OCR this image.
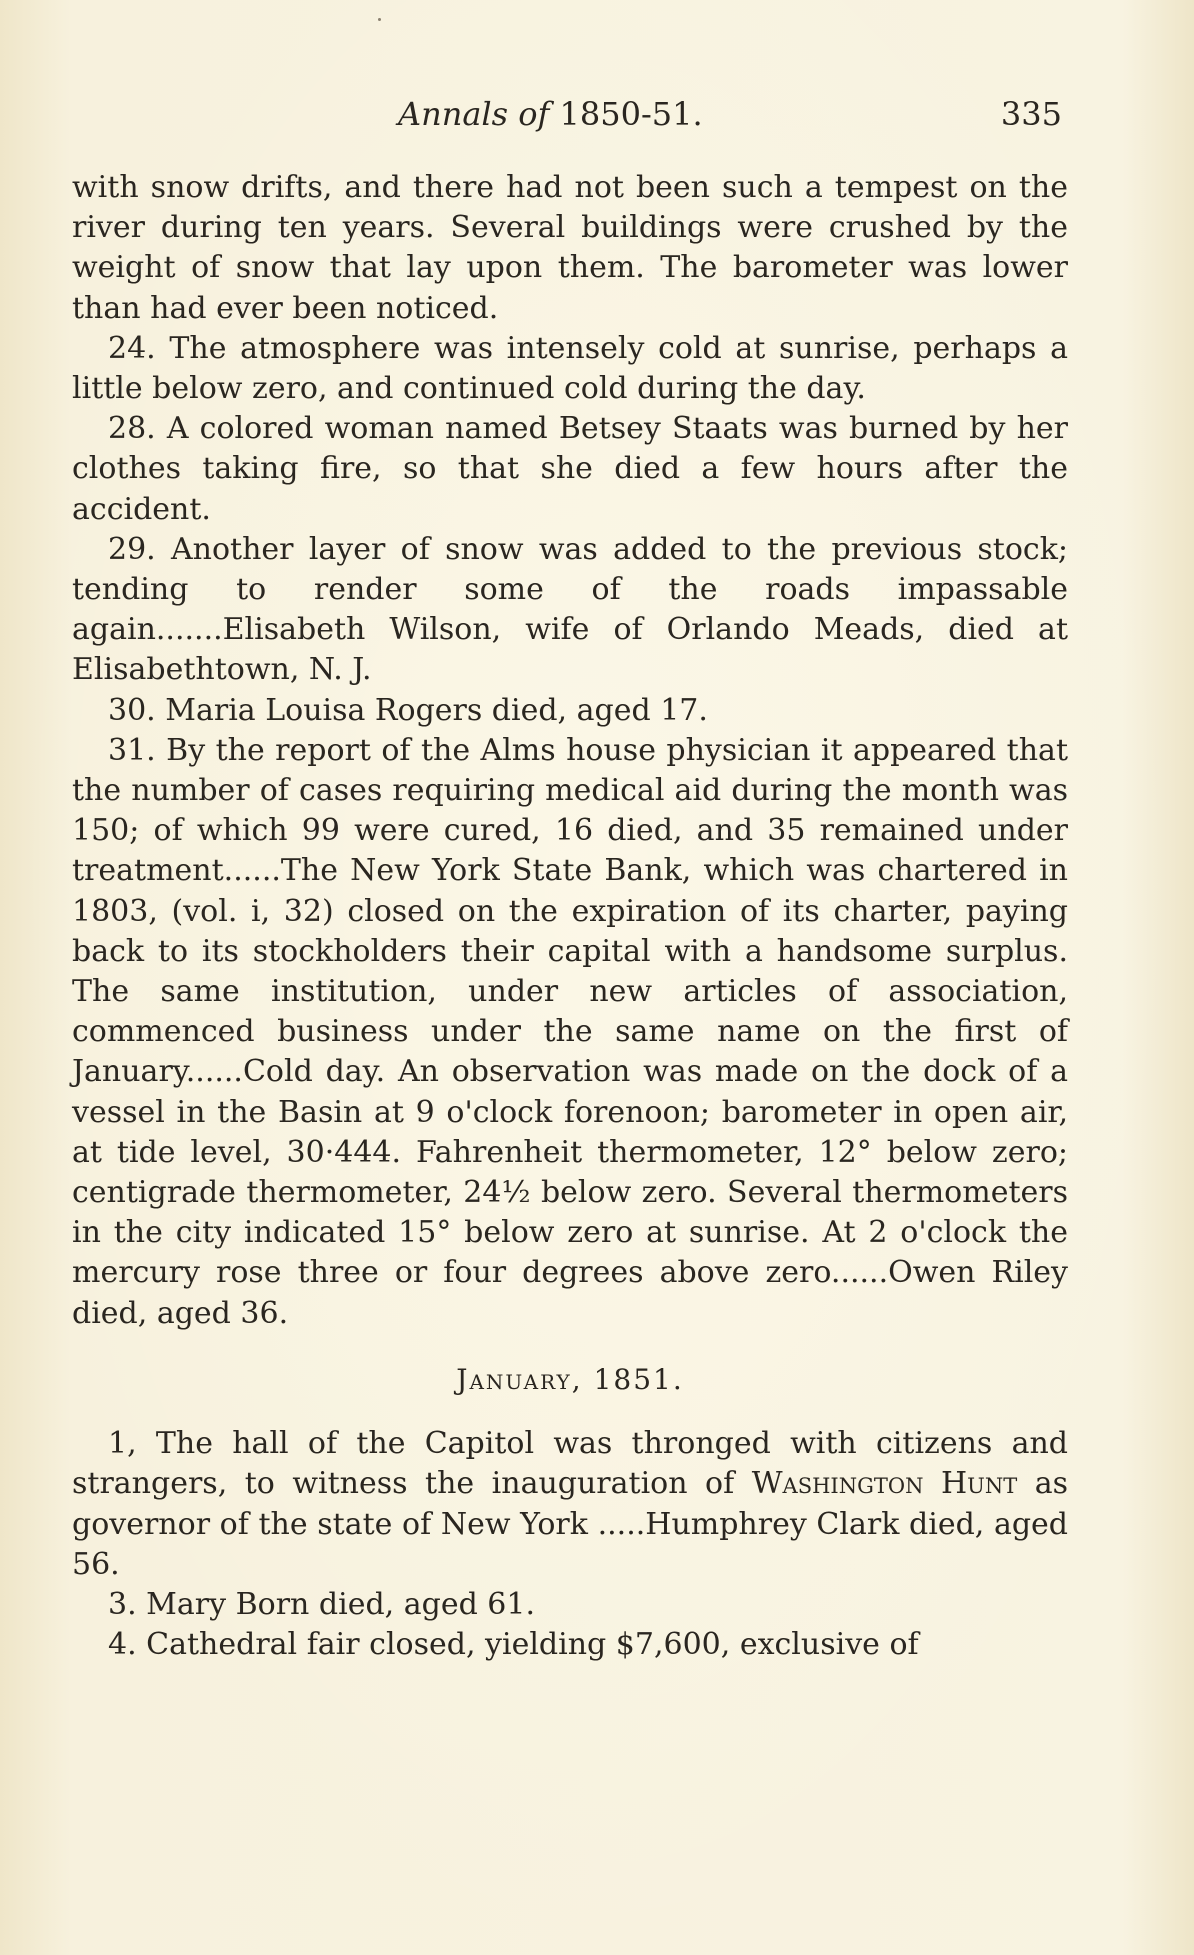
Annals of 1850-51.	335

with snow drifts, and there had not been such a tempest on the river during ten years. Several buildings were crushed by the weight of snow that lay upon them. The barometer was lower than had ever been noticed.

24. The atmosphere was intensely cold at sunrise, perhaps a little below zero, and continued cold during the day.

28. A colored woman named Betsey Staats was burned by her clothes taking fire, so that she died a few hours after the accident.

29. Another layer of snow was added to the previous stock; tending to render some of the roads impassable again.......Elisabeth Wilson, wife of Orlando Meads, died at Elisabethtown, N. J.

30. Maria Louisa Rogers died, aged 17.

31. By the report of the Alms house physician it appeared that the number of cases requiring medical aid during the month was 150; of which 99 were cured, 16 died, and 35 remained under treatment......The New York State Bank, which was chartered in 1803, (vol. i, 32) closed on the expiration of its charter, paying back to its stockholders their capital with a handsome surplus. The same institution, under new articles of association, commenced business under the same name on the first of January......Cold day. An observation was made on the dock of a vessel in the Basin at 9 o'clock forenoon; barometer in open air, at tide level, 30·444. Fahrenheit thermometer, 12° below zero; centigrade thermometer, 24½ below zero. Several thermometers in the city indicated 15° below zero at sunrise. At 2 o'clock the mercury rose three or four degrees above zero......Owen Riley died, aged 36.

January, 1851.

1, The hall of the Capitol was thronged with citizens and strangers, to witness the inauguration of Washington Hunt as governor of the state of New York .....Humphrey Clark died, aged 56.

3. Mary Born died, aged 61.

4. Cathedral fair closed, yielding $7,600, exclusive of
